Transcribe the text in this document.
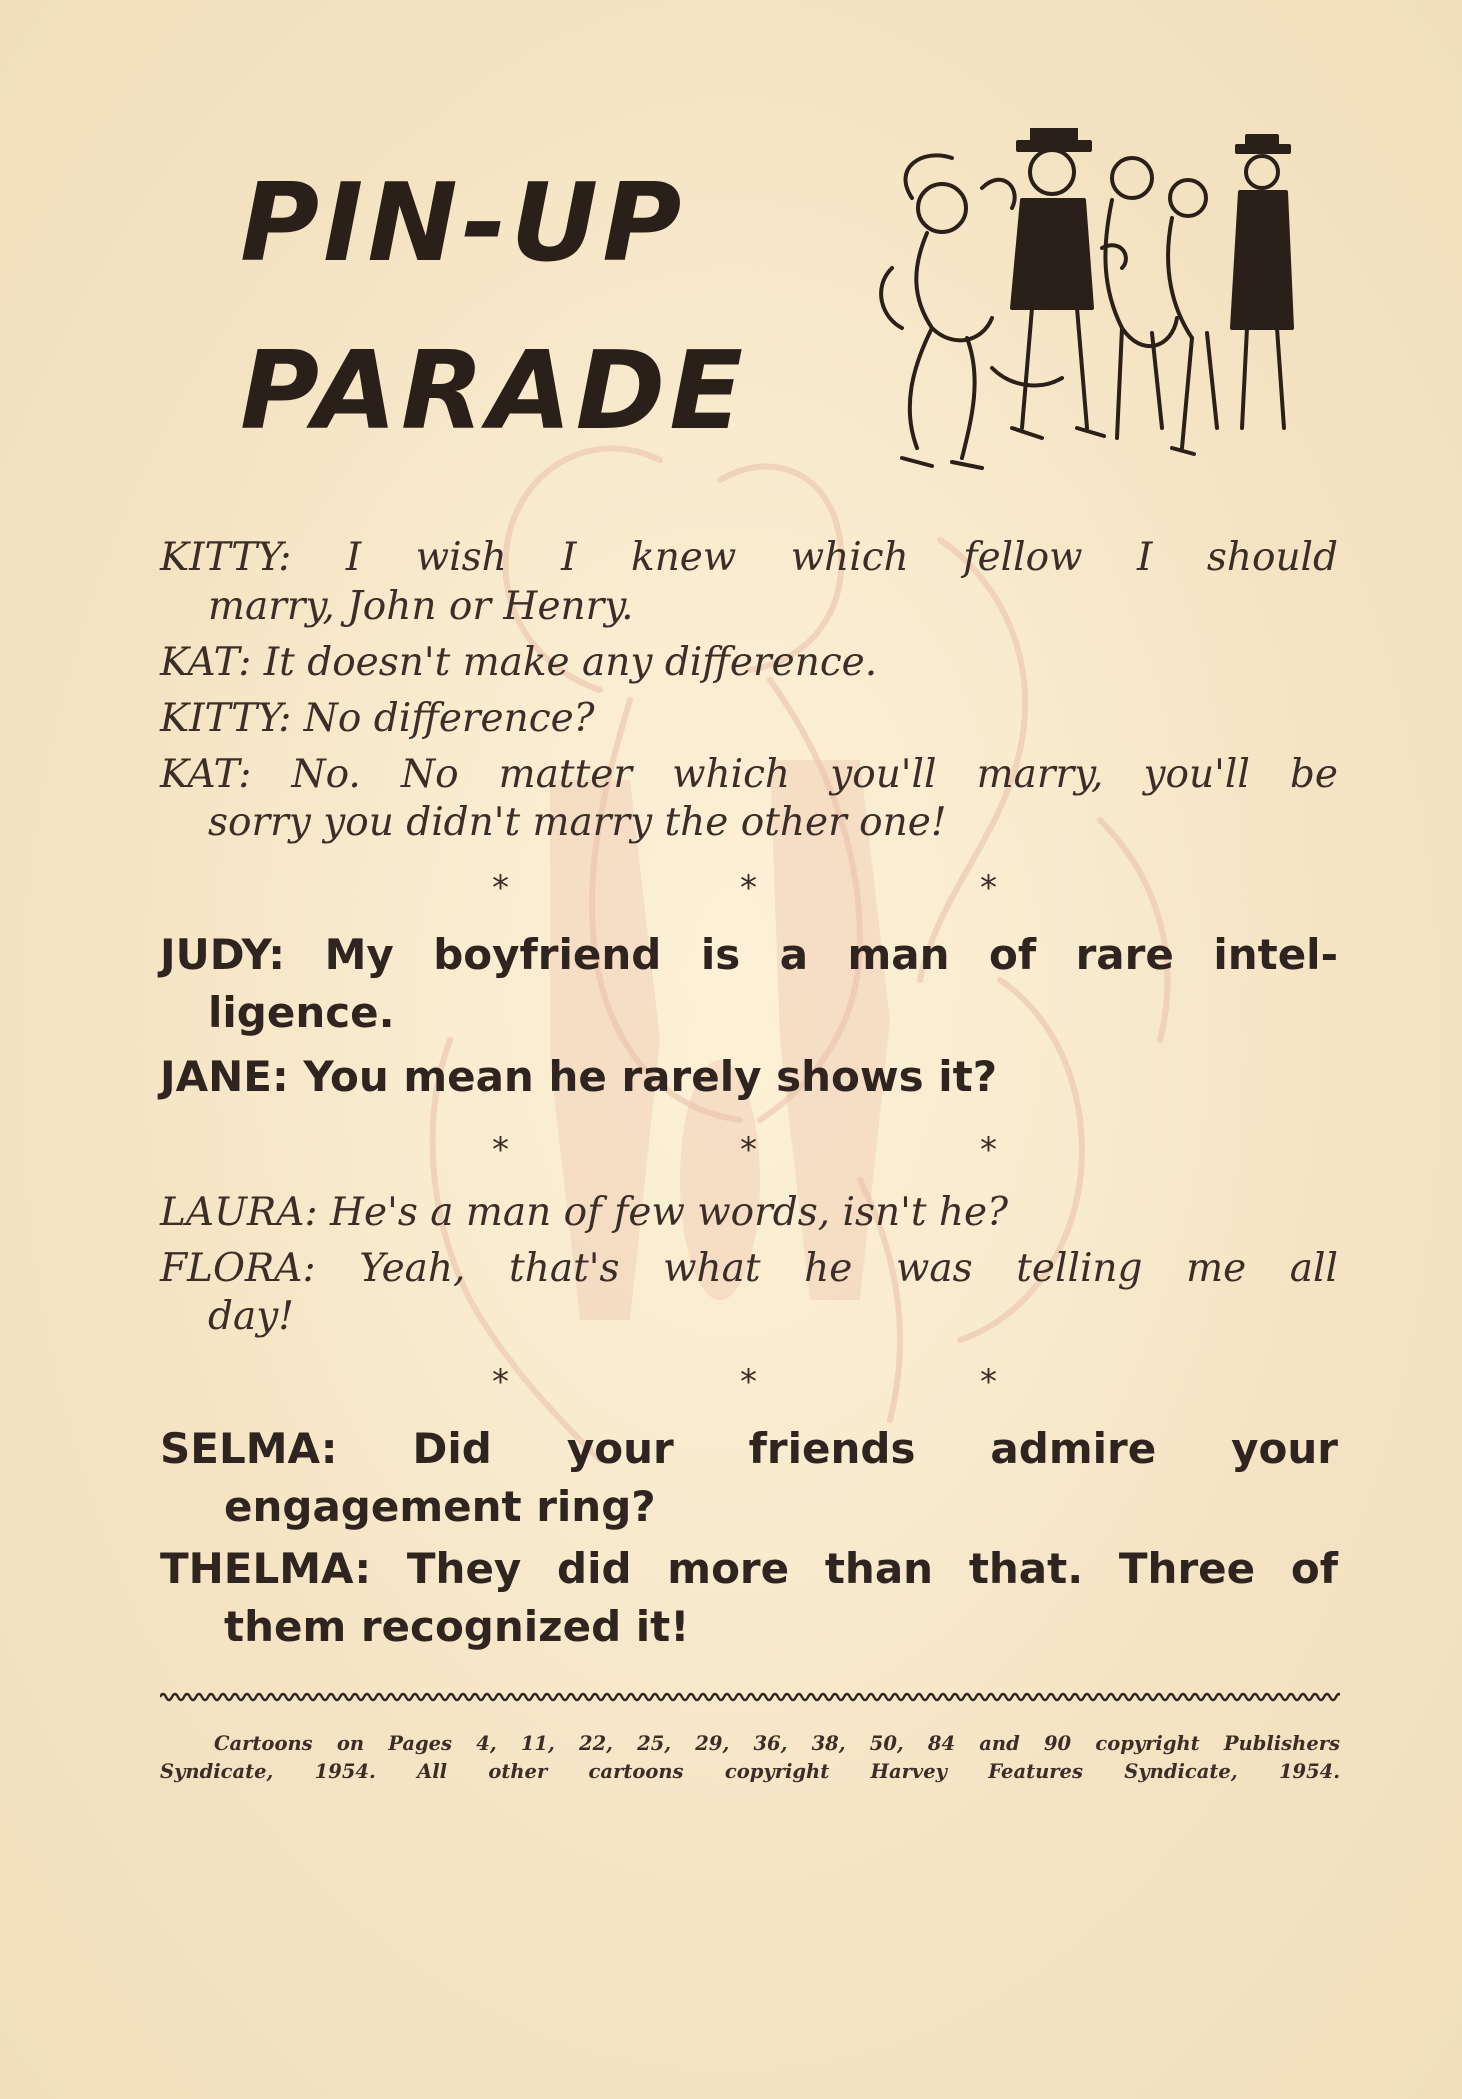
PIN-UP
PARADE
KITTY: I wish I knew which fellow I should
marry, John or Henry.
KAT: It doesn't make any difference.
KITTY: No difference?
KAT: No. No matter which you'll marry, you'll be
sorry you didn't marry the other one!
*	*	*
JUDY: My boyfriend is a man of rare intel-
ligence.
JANE: You mean he rarely shows it?
*	*	*
LAURA: He's a man of few words, isn't he?
FLORA: Yeah, that's what he was telling me all
day!
*	*	*
SELMA: Did your friends admire your
engagement ring?
THELMA: They did more than that. Three of
them recognized it!
Cartoons on Pages 4, 11, 22, 25, 29, 36, 38, 50, 84 and 90 copyright Publishers
Syndicate, 1954. All other cartoons copyright Harvey Features Syndicate, 1954.
